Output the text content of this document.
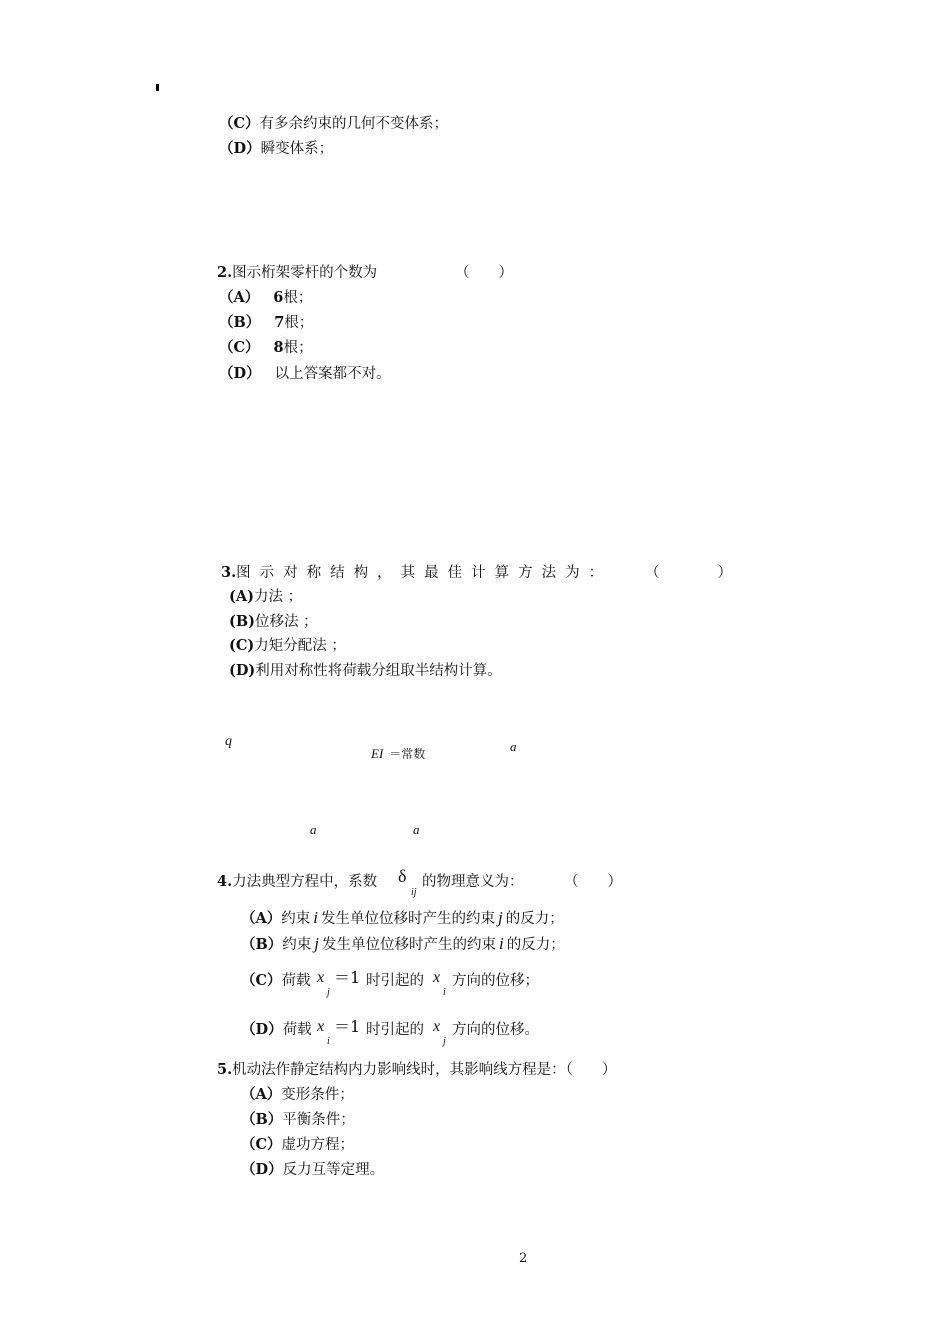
（C）有多余约束的几何不变体系；
（D）瞬变体系；
2.图示桁架零杆的个数为	（　　）
（A） 6根；
（B） 7根；
（C） 8根；
（D） 以上答案都不对。
3.图示对称结构，其最佳计算方法为： （　　　　）
(A)力法 ；
(B)位移法 ；
(C)力矩分配法 ；
(D)利用对称性将荷载分组取半结构计算。
q
EI ＝常数	a
a	a
4.力法典型方程中，系数 δ
ij
的物理意义为：	（　　）
（A）约束 i 发生单位位移时产生的约束 j 的反力；
（B）约束 j 发生单位位移时产生的约束 i 的反力；
（C）荷载 x
j
＝1 时引起的 x
i
方向的位移；
（D）荷载 x
i
＝1 时引起的 x
j
方向的位移。
5.机动法作静定结构内力影响线时，其影响线方程是：（　　）
（A）变形条件；
（B）平衡条件；
（C）虚功方程；
（D）反力互等定理。
2
